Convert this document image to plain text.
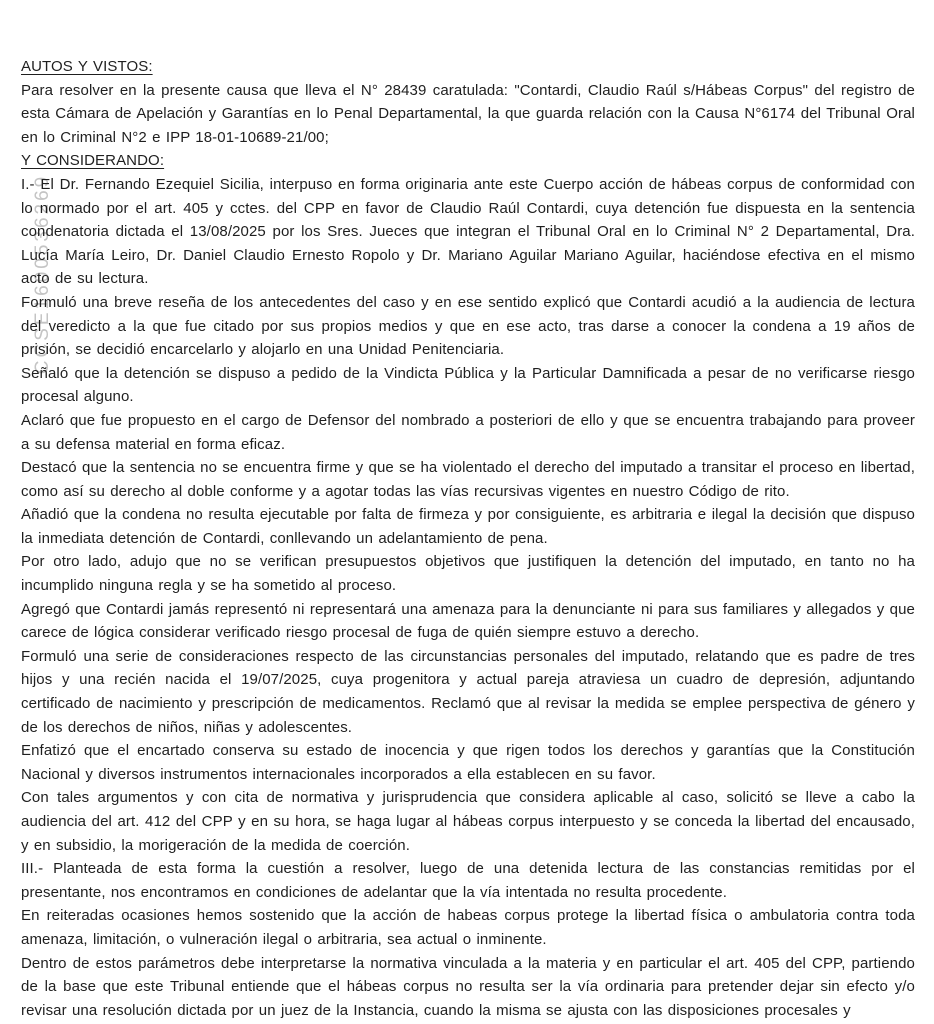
CCSE1600536269
AUTOS Y VISTOS:
Para resolver en la presente causa que lleva el N° 28439 caratulada: "Contardi, Claudio Raúl s/Hábeas Corpus" del registro de esta Cámara de Apelación y Garantías en lo Penal Departamental, la que guarda relación con la Causa N°6174 del Tribunal Oral en lo Criminal N°2 e IPP 18-01-10689-21/00;
Y CONSIDERANDO:
I.- El Dr. Fernando Ezequiel Sicilia, interpuso en forma originaria ante este Cuerpo acción de hábeas corpus de conformidad con lo normado por el art. 405 y cctes. del CPP en favor de Claudio Raúl Contardi, cuya detención fue dispuesta en la sentencia condenatoria dictada el 13/08/2025 por los Sres. Jueces que integran el Tribunal Oral en lo Criminal N° 2 Departamental, Dra. Lucía María Leiro, Dr. Daniel Claudio Ernesto Ropolo y Dr. Mariano Aguilar Mariano Aguilar, haciéndose efectiva en el mismo acto de su lectura.
Formuló una breve reseña de los antecedentes del caso y en ese sentido explicó que Contardi acudió a la audiencia de lectura del veredicto a la que fue citado por sus propios medios y que en ese acto, tras darse a conocer la condena a 19 años de prisión, se decidió encarcelarlo y alojarlo en una Unidad Penitenciaria.
Señaló que la detención se dispuso a pedido de la Vindicta Pública y la Particular Damnificada a pesar de no verificarse riesgo procesal alguno.
Aclaró que fue propuesto en el cargo de Defensor del nombrado a posteriori de ello y que se encuentra trabajando para proveer a su defensa material en forma eficaz.
Destacó que la sentencia no se encuentra firme y que se ha violentado el derecho del imputado a transitar el proceso en libertad, como así su derecho al doble conforme y a agotar todas las vías recursivas vigentes en nuestro Código de rito.
Añadió que la condena no resulta ejecutable por falta de firmeza y por consiguiente, es arbitraria e ilegal la decisión que dispuso la inmediata detención de Contardi, conllevando un adelantamiento de pena.
Por otro lado, adujo que no se verifican presupuestos objetivos que justifiquen la detención del imputado, en tanto no ha incumplido ninguna regla y se ha sometido al proceso.
Agregó que Contardi jamás representó ni representará una amenaza para la denunciante ni para sus familiares y allegados y que carece de lógica considerar verificado riesgo procesal de fuga de quién siempre estuvo a derecho.
Formuló una serie de consideraciones respecto de las circunstancias personales del imputado, relatando que es padre de tres hijos y una recién nacida el 19/07/2025, cuya progenitora y actual pareja atraviesa un cuadro de depresión, adjuntando certificado de nacimiento y prescripción de medicamentos. Reclamó que al revisar la medida se emplee perspectiva de género y de los derechos de niños, niñas y adolescentes.
Enfatizó que el encartado conserva su estado de inocencia y que rigen todos los derechos y garantías que la Constitución Nacional y diversos instrumentos internacionales incorporados a ella establecen en su favor.
Con tales argumentos y con cita de normativa y jurisprudencia que considera aplicable al caso, solicitó se lleve a cabo la audiencia del art. 412 del CPP y en su hora, se haga lugar al hábeas corpus interpuesto y se conceda la libertad del encausado, y en subsidio, la morigeración de la medida de coerción.
III.- Planteada de esta forma la cuestión a resolver, luego de una detenida lectura de las constancias remitidas por el presentante, nos encontramos en condiciones de adelantar que la vía intentada no resulta procedente.
En reiteradas ocasiones hemos sostenido que la acción de habeas corpus protege la libertad física o ambulatoria contra toda amenaza, limitación, o vulneración ilegal o arbitraria, sea actual o inminente.
Dentro de estos parámetros debe interpretarse la normativa vinculada a la materia y en particular el art. 405 del CPP, partiendo de la base que este Tribunal entiende que el hábeas corpus no resulta ser la vía ordinaria para pretender dejar sin efecto y/o revisar una resolución dictada por un juez de la Instancia, cuando la misma se ajusta con las disposiciones procesales y
